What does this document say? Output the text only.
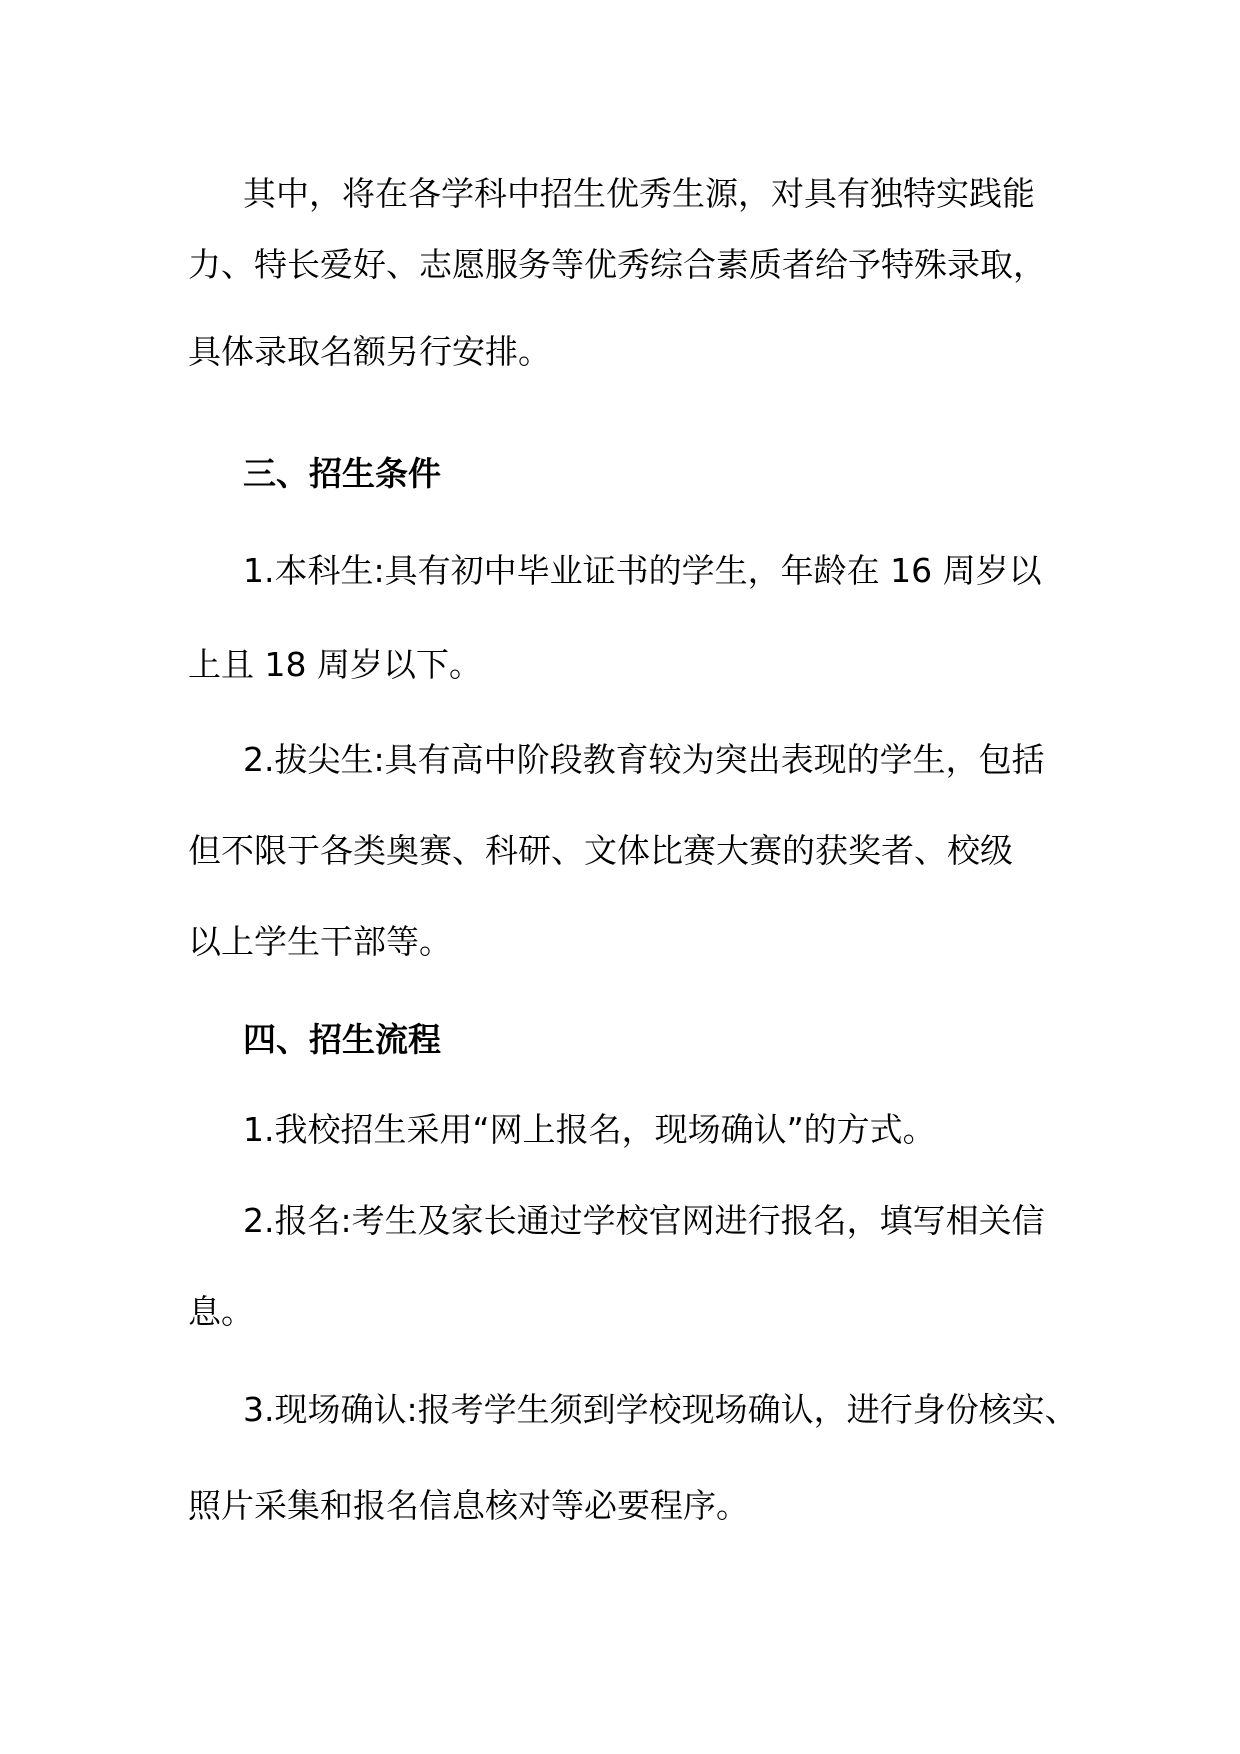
其中，将在各学科中招生优秀生源，对具有独特实践能

力、特长爱好、志愿服务等优秀综合素质者给予特殊录取，

具体录取名额另行安排。

三、招生条件

1.本科生:具有初中毕业证书的学生，年龄在 16 周岁以

上且 18 周岁以下。

2.拔尖生:具有高中阶段教育较为突出表现的学生，包括

但不限于各类奥赛、科研、文体比赛大赛的获奖者、校级

以上学生干部等。

四、招生流程

1.我校招生采用“网上报名，现场确认”的方式。

2.报名:考生及家长通过学校官网进行报名，填写相关信

息。

3.现场确认:报考学生须到学校现场确认，进行身份核实、

照片采集和报名信息核对等必要程序。
